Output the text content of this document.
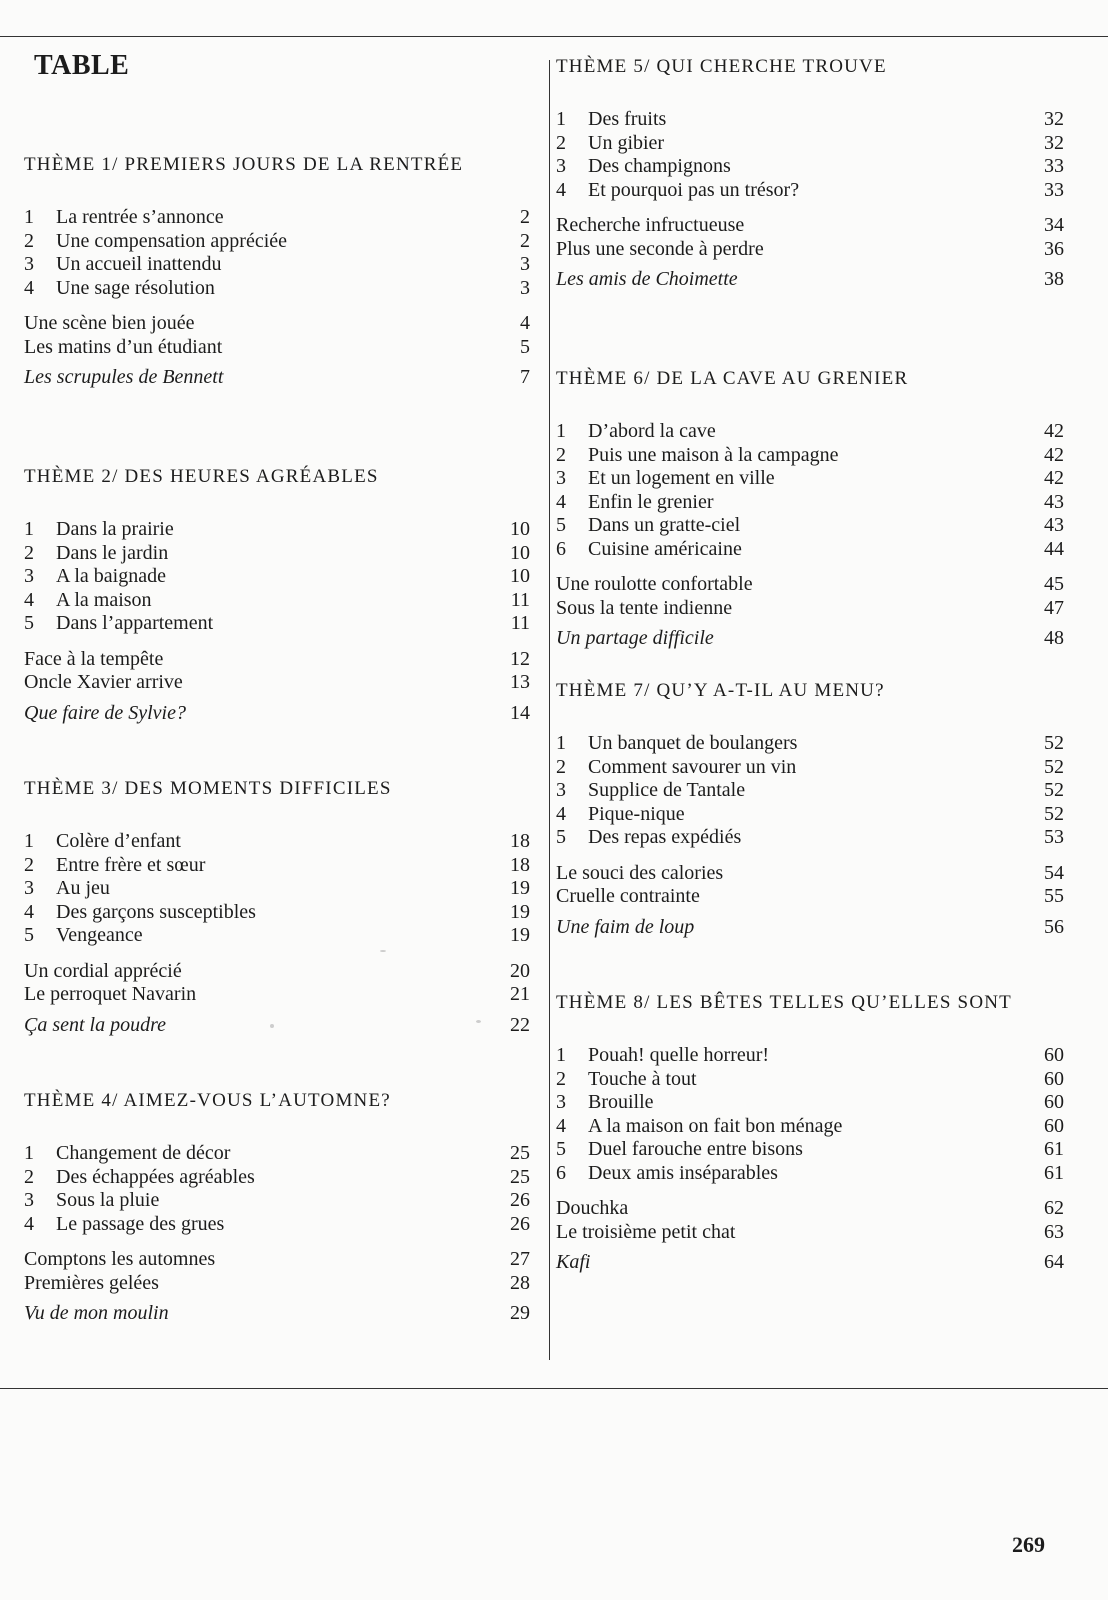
TABLE
THÈME 1/ PREMIERS JOURS DE LA RENTRÉE
1	La rentrée s’annonce	2
2	Une compensation appréciée	2
3	Un accueil inattendu	3
4	Une sage résolution	3
Une scène bien jouée	4
Les matins d’un étudiant	5
Les scrupules de Bennett	7
THÈME 2/ DES HEURES AGRÉABLES
1	Dans la prairie	10
2	Dans le jardin	10
3	A la baignade	10
4	A la maison	11
5	Dans l’appartement	11
Face à la tempête	12
Oncle Xavier arrive	13
Que faire de Sylvie?	14
THÈME 3/ DES MOMENTS DIFFICILES
1	Colère d’enfant	18
2	Entre frère et sœur	18
3	Au jeu	19
4	Des garçons susceptibles	19
5	Vengeance	19
Un cordial apprécié	20
Le perroquet Navarin	21
Ça sent la poudre	22
THÈME 4/ AIMEZ-VOUS L’AUTOMNE?
1	Changement de décor	25
2	Des échappées agréables	25
3	Sous la pluie	26
4	Le passage des grues	26
Comptons les automnes	27
Premières gelées	28
Vu de mon moulin	29
THÈME 5/ QUI CHERCHE TROUVE
1	Des fruits	32
2	Un gibier	32
3	Des champignons	33
4	Et pourquoi pas un trésor?	33
Recherche infructueuse	34
Plus une seconde à perdre	36
Les amis de Choimette	38
THÈME 6/ DE LA CAVE AU GRENIER
1	D’abord la cave	42
2	Puis une maison à la campagne	42
3	Et un logement en ville	42
4	Enfin le grenier	43
5	Dans un gratte-ciel	43
6	Cuisine américaine	44
Une roulotte confortable	45
Sous la tente indienne	47
Un partage difficile	48
THÈME 7/ QU’Y A-T-IL AU MENU?
1	Un banquet de boulangers	52
2	Comment savourer un vin	52
3	Supplice de Tantale	52
4	Pique-nique	52
5	Des repas expédiés	53
Le souci des calories	54
Cruelle contrainte	55
Une faim de loup	56
THÈME 8/ LES BÊTES TELLES QU’ELLES SONT
1	Pouah! quelle horreur!	60
2	Touche à tout	60
3	Brouille	60
4	A la maison on fait bon ménage	60
5	Duel farouche entre bisons	61
6	Deux amis inséparables	61
Douchka	62
Le troisième petit chat	63
Kafi	64
269
